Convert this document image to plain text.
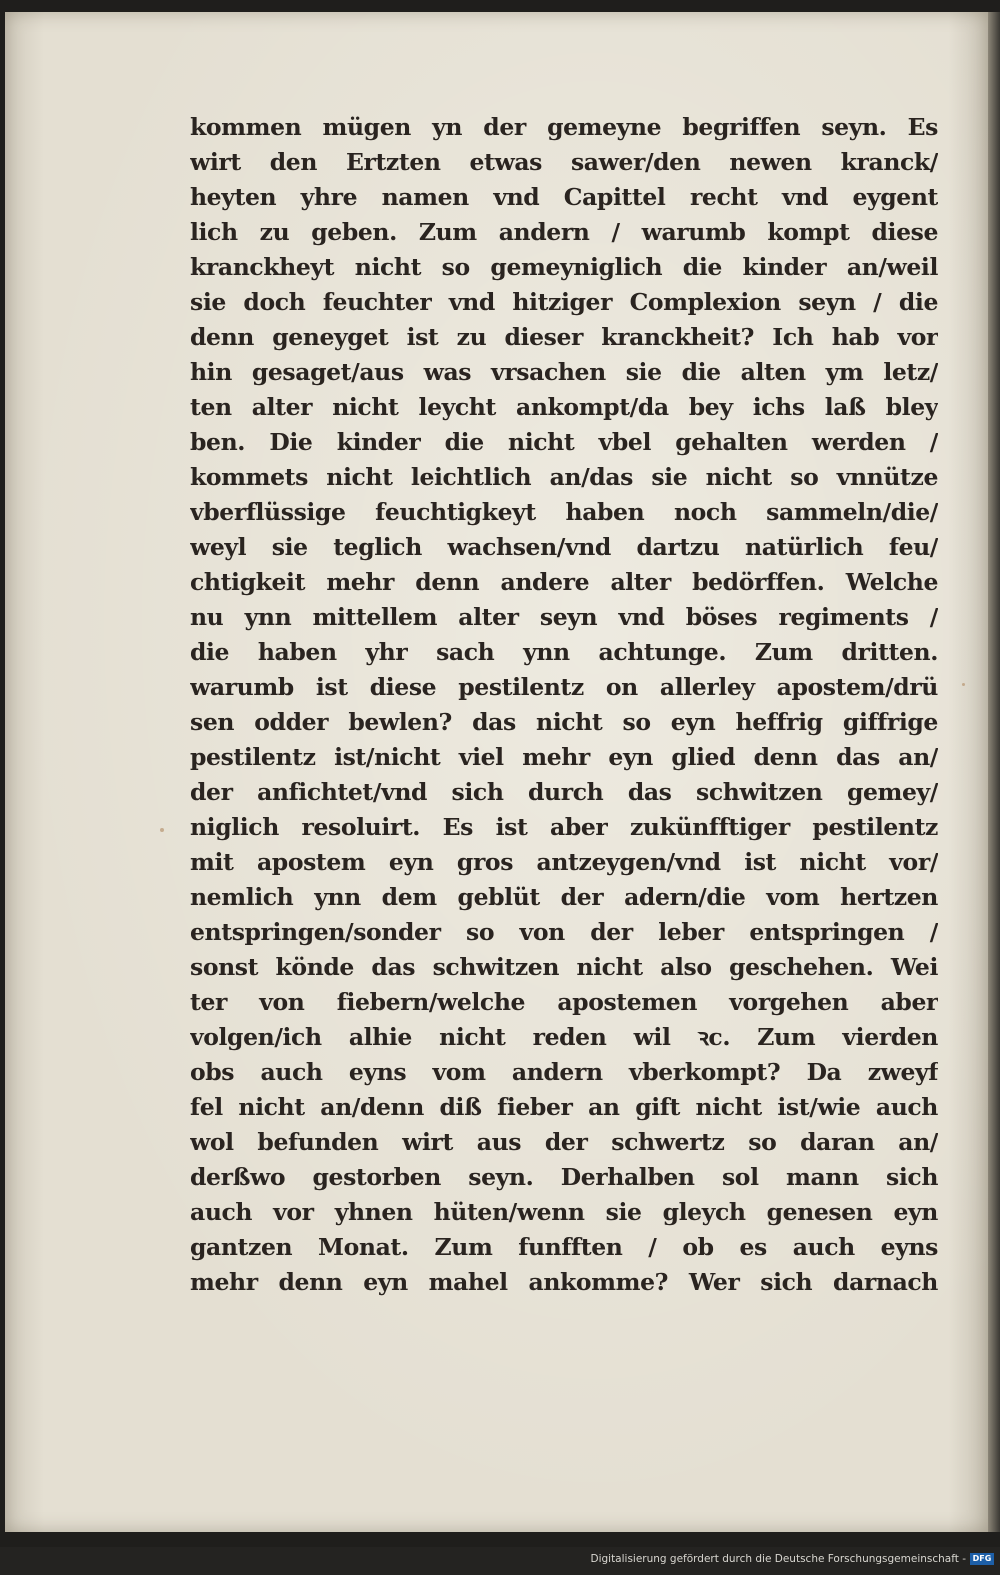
kommen mügen yn der gemeyne begriffen seyn. Es
wirt den Ertzten etwas sawer/den newen kranck/
heyten yhre namen vnd Capittel recht vnd eygent
lich zu geben. Zum andern / warumb kompt diese
kranckheyt nicht so gemeyniglich die kinder an/weil
sie doch feuchter vnd hitziger Complexion seyn / die
denn geneyget ist zu dieser kranckheit? Ich hab vor
hin gesaget/aus was vrsachen sie die alten ym letz/
ten alter nicht leycht ankompt/da bey ichs laß bley
ben. Die kinder die nicht vbel gehalten werden /
kommets nicht leichtlich an/das sie nicht so vnnütze
vberflüssige feuchtigkeyt haben noch sammeln/die/
weyl sie teglich wachsen/vnd dartzu natürlich feu/
chtigkeit mehr denn andere alter bedörffen. Welche
nu ynn mittellem alter seyn vnd böses regiments /
die haben yhr sach ynn achtunge. Zum dritten.
warumb ist diese pestilentz on allerley apostem/drü
sen odder bewlen? das nicht so eyn heffrig giffrige
pestilentz ist/nicht viel mehr eyn glied denn das an/
der anfichtet/vnd sich durch das schwitzen gemey/
niglich resoluirt. Es ist aber zukünfftiger pestilentz
mit apostem eyn gros antzeygen/vnd ist nicht vor/
nemlich ynn dem geblüt der adern/die vom hertzen
entspringen/sonder so von der leber entspringen /
sonst könde das schwitzen nicht also geschehen. Wei
ter von fiebern/welche apostemen vorgehen aber
volgen/ich alhie nicht reden wil ꝛc. Zum vierden
obs auch eyns vom andern vberkompt? Da zweyf
fel nicht an/denn diß fieber an gift nicht ist/wie auch
wol befunden wirt aus der schwertz so daran an/
derßwo gestorben seyn. Derhalben sol mann sich
auch vor yhnen hüten/wenn sie gleych genesen eyn
gantzen Monat. Zum funfften / ob es auch eyns
mehr denn eyn mahel ankomme? Wer sich darnach
Digitalisierung gefördert durch die Deutsche Forschungsgemeinschaft - DFG
